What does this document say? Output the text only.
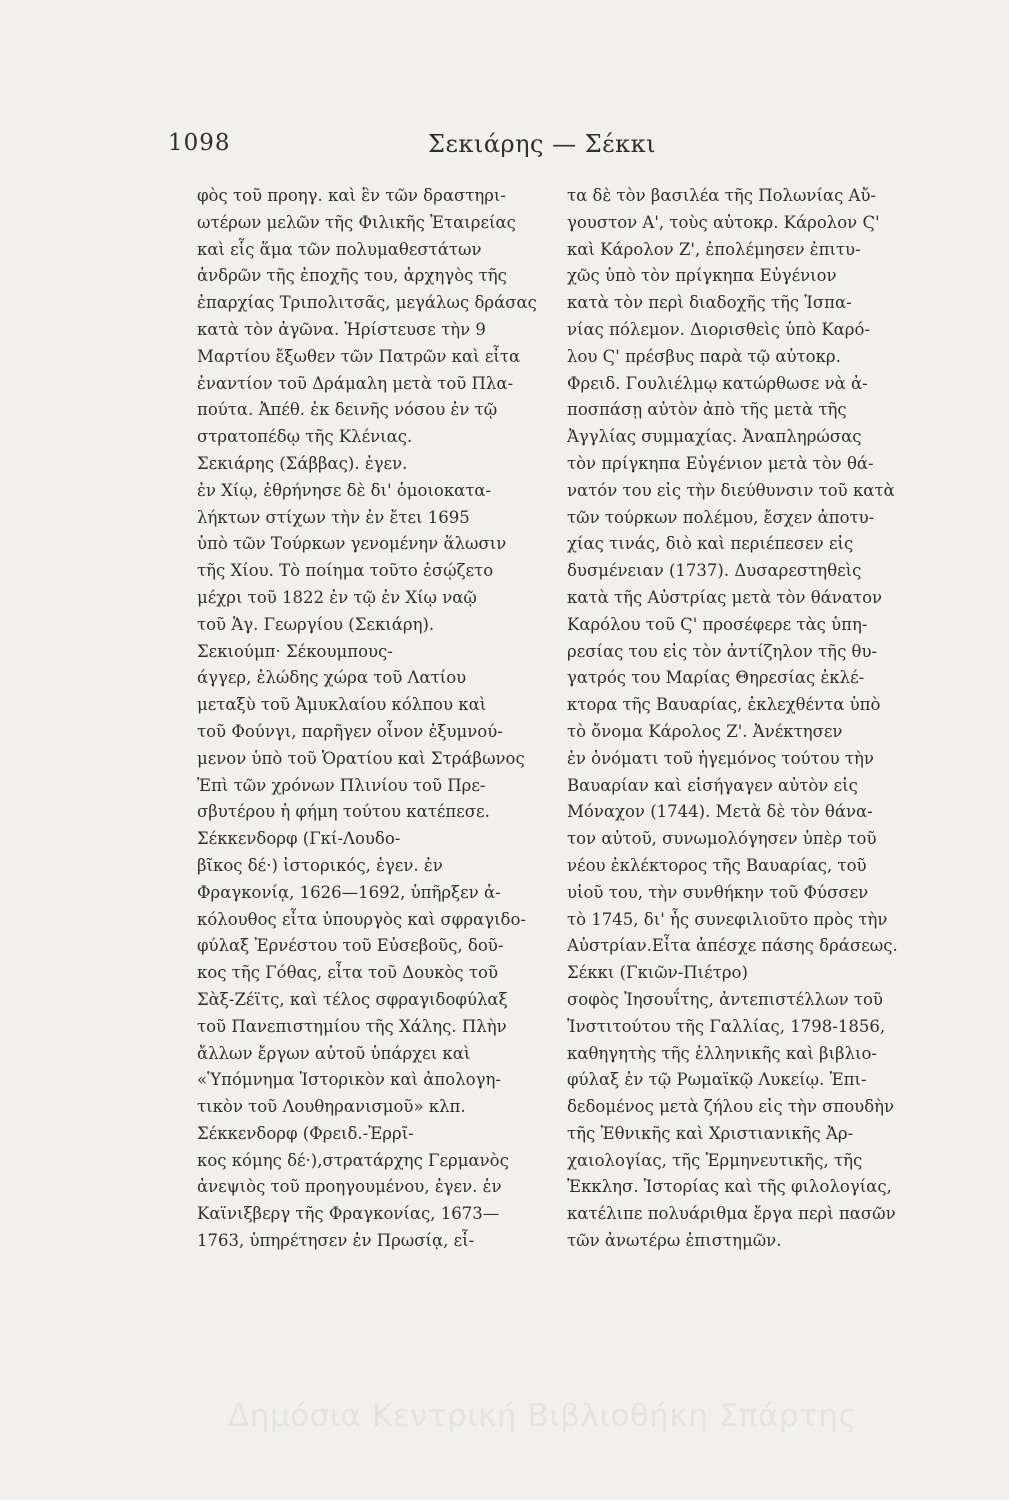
1098	Σεκιάρης — Σέκκι
φὸς τοῦ προηγ. καὶ ἓν τῶν δραστηρι-
ωτέρων μελῶν τῆς Φιλικῆς Ἑταιρείας
καὶ εἷς ἅμα τῶν πολυμαθεστάτων
ἀνδρῶν τῆς ἐποχῆς του, ἀρχηγὸς τῆς
ἐπαρχίας Τριπολιτσᾶς, μεγάλως δράσας
κατὰ τὸν ἀγῶνα. Ἠρίστευσε τὴν 9
Μαρτίου ἔξωθεν τῶν Πατρῶν καὶ εἶτα
ἐναντίον τοῦ Δράμαλη μετὰ τοῦ Πλα-
πούτα. Ἀπέθ. ἐκ δεινῆς νόσου ἐν τῷ
στρατοπέδῳ τῆς Κλένιας.
Σεκιάρης (Σάββας). ἐγεν.
ἐν Χίῳ, ἐθρήνησε δὲ δι' ὁμοιοκατα-
λήκτων στίχων τὴν ἐν ἔτει 1695
ὑπὸ τῶν Τούρκων γενομένην ἅλωσιν
τῆς Χίου. Τὸ ποίημα τοῦτο ἐσῴζετο
μέχρι τοῦ 1822 ἐν τῷ ἐν Χίῳ ναῷ
τοῦ Ἁγ. Γεωργίου (Σεκιάρη).
Σεκιούμπ· Σέκουμπους-
άγγερ, ἑλώδης χώρα τοῦ Λατίου
μεταξὺ τοῦ Ἀμυκλαίου κόλπου καὶ
τοῦ Φούνγι, παρῆγεν οἶνον ἐξυμνού-
μενον ὑπὸ τοῦ Ὁρατίου καὶ Στράβωνος
Ἐπὶ τῶν χρόνων Πλινίου τοῦ Πρε-
σβυτέρου ἡ φήμη τούτου κατέπεσε.
Σέκκενδορφ (Γκί-Λουδο-
βῖκος δέ·) ἱστορικός, ἐγεν. ἐν
Φραγκονίᾳ, 1626—1692, ὑπῆρξεν ἀ-
κόλουθος εἶτα ὑπουργὸς καὶ σφραγιδο-
φύλαξ Ἐρνέστου τοῦ Εὐσεβοῦς, δοῦ-
κος τῆς Γόθας, εἶτα τοῦ Δουκὸς τοῦ
Σὰξ-Ζέϊτς, καὶ τέλος σφραγιδοφύλαξ
τοῦ Πανεπιστημίου τῆς Χάλης. Πλὴν
ἄλλων ἔργων αὐτοῦ ὑπάρχει καὶ
«Ὑπόμνημα Ἱστορικὸν καὶ ἀπολογη-
τικὸν τοῦ Λουθηρανισμοῦ» κλπ.
Σέκκενδορφ (Φρειδ.-Ἐρρῖ-
κος κόμης δέ·),στρατάρχης Γερμανὸς
ἀνεψιὸς τοῦ προηγουμένου, ἐγεν. ἐν
Καϊνιξβεργ τῆς Φραγκονίας, 1673—
1763, ὑπηρέτησεν ἐν Πρωσίᾳ, εἶ-
τα δὲ τὸν βασιλέα τῆς Πολωνίας Αὔ-
γουστον Α', τοὺς αὐτοκρ. Κάρολον Ϛ'
καὶ Κάρολον Ζ', ἐπολέμησεν ἐπιτυ-
χῶς ὑπὸ τὸν πρίγκηπα Εὐγένιον
κατὰ τὸν περὶ διαδοχῆς τῆς Ἱσπα-
νίας πόλεμον. Διορισθεὶς ὑπὸ Καρό-
λου Ϛ' πρέσβυς παρὰ τῷ αὐτοκρ.
Φρειδ. Γουλιέλμῳ κατώρθωσε νὰ ἀ-
ποσπάσῃ αὐτὸν ἀπὸ τῆς μετὰ τῆς
Ἀγγλίας συμμαχίας. Ἀναπληρώσας
τὸν πρίγκηπα Εὐγένιον μετὰ τὸν θά-
νατόν του εἰς τὴν διεύθυνσιν τοῦ κατὰ
τῶν τούρκων πολέμου, ἔσχεν ἀποτυ-
χίας τινάς, διὸ καὶ περιέπεσεν εἰς
δυσμένειαν (1737). Δυσαρεστηθεὶς
κατὰ τῆς Αὐστρίας μετὰ τὸν θάνατον
Καρόλου τοῦ Ϛ' προσέφερε τὰς ὑπη-
ρεσίας του εἰς τὸν ἀντίζηλον τῆς θυ-
γατρός του Μαρίας Θηρεσίας ἐκλέ-
κτορα τῆς Βαυαρίας, ἐκλεχθέντα ὑπὸ
τὸ ὄνομα Κάρολος Ζ'. Ἀνέκτησεν
ἐν ὀνόματι τοῦ ἡγεμόνος τούτου τὴν
Βαυαρίαν καὶ εἰσήγαγεν αὐτὸν εἰς
Μόναχον (1744). Μετὰ δὲ τὸν θάνα-
τον αὐτοῦ, συνωμολόγησεν ὑπὲρ τοῦ
νέου ἐκλέκτορος τῆς Βαυαρίας, τοῦ
υἱοῦ του, τὴν συνθήκην τοῦ Φύσσεν
τὸ 1745, δι' ἧς συνεφιλιοῦτο πρὸς τὴν
Αὐστρίαν.Εἶτα ἀπέσχε πάσης δράσεως.
Σέκκι (Γκιῶν-Πιέτρο)
σοφὸς Ἰησουΐτης, ἀντεπιστέλλων τοῦ
Ἰνστιτούτου τῆς Γαλλίας, 1798-1856,
καθηγητὴς τῆς ἑλληνικῆς καὶ βιβλιο-
φύλαξ ἐν τῷ Ρωμαϊκῷ Λυκείῳ. Ἐπι-
δεδομένος μετὰ ζήλου εἰς τὴν σπουδὴν
τῆς Ἐθνικῆς καὶ Χριστιανικῆς Ἀρ-
χαιολογίας, τῆς Ἑρμηνευτικῆς, τῆς
Ἐκκλησ. Ἱστορίας καὶ τῆς φιλολογίας,
κατέλιπε πολυάριθμα ἔργα περὶ πασῶν
τῶν ἀνωτέρω ἐπιστημῶν.
Δημόσια Κεντρική Βιβλιοθήκη Σπάρτης
